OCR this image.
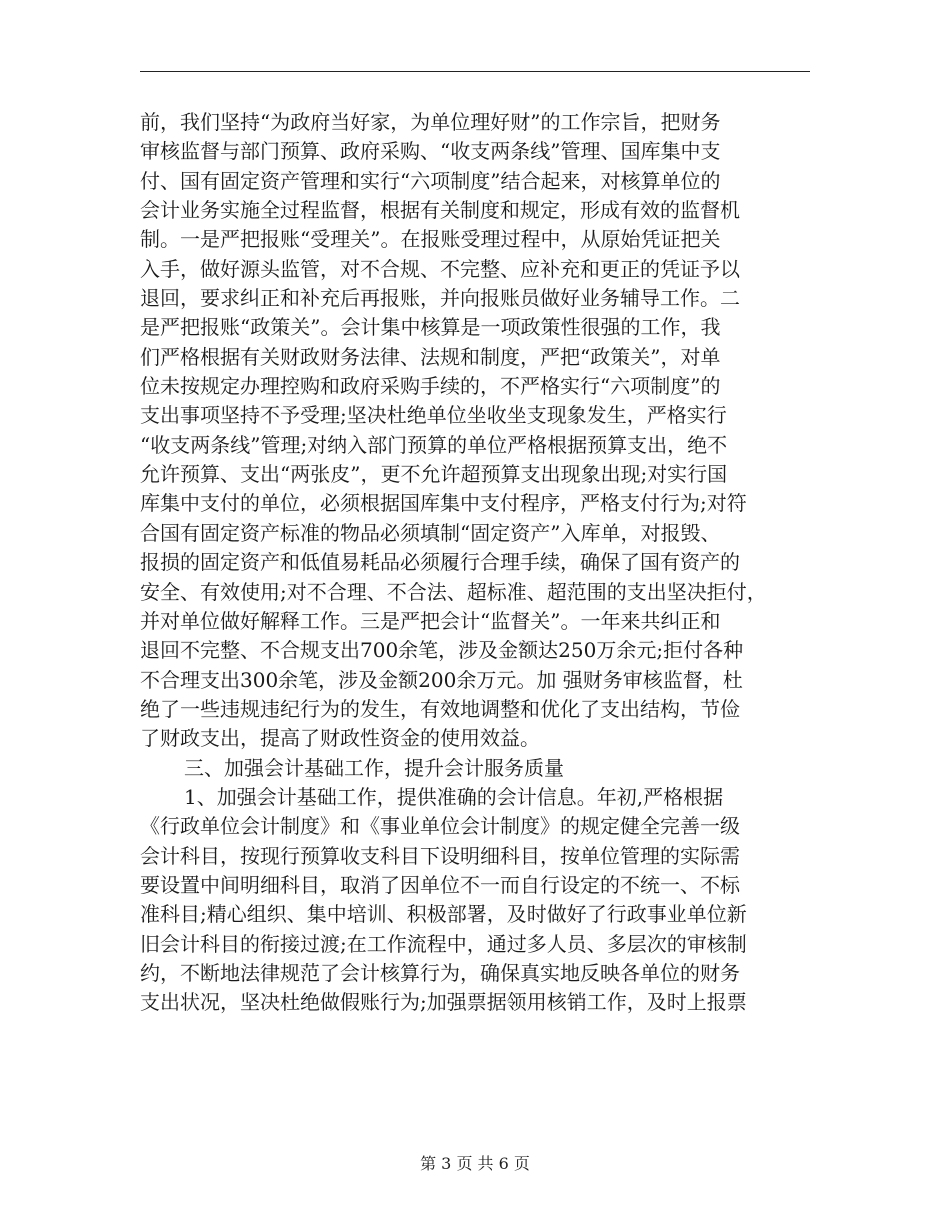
前，我们坚持“为政府当好家，为单位理好财”的工作宗旨，把财务
审核监督与部门预算、政府采购、“收支两条线”管理、国库集中支
付、国有固定资产管理和实行“六项制度”结合起来，对核算单位的
会计业务实施全过程监督，根据有关制度和规定，形成有效的监督机
制。一是严把报账“受理关”。在报账受理过程中，从原始凭证把关
入手，做好源头监管，对不合规、不完整、应补充和更正的凭证予以
退回，要求纠正和补充后再报账，并向报账员做好业务辅导工作。二
是严把报账“政策关”。会计集中核算是一项政策性很强的工作，我
们严格根据有关财政财务法律、法规和制度，严把“政策关”，对单
位未按规定办理控购和政府采购手续的，不严格实行“六项制度”的
支出事项坚持不予受理;坚决杜绝单位坐收坐支现象发生，严格实行
“收支两条线”管理;对纳入部门预算的单位严格根据预算支出，绝不
允许预算、支出“两张皮”，更不允许超预算支出现象出现;对实行国
库集中支付的单位，必须根据国库集中支付程序，严格支付行为;对符
合国有固定资产标准的物品必须填制“固定资产”入库单，对报毁、
报损的固定资产和低值易耗品必须履行合理手续，确保了国有资产的
安全、有效使用;对不合理、不合法、超标准、超范围的支出坚决拒付，
并对单位做好解释工作。三是严把会计“监督关”。一年来共纠正和
退回不完整、不合规支出700余笔，涉及金额达250万余元;拒付各种
不合理支出300余笔，涉及金额200余万元。加 强财务审核监督，杜
绝了一些违规违纪行为的发生，有效地调整和优化了支出结构，节俭
了财政支出，提高了财政性资金的使用效益。
三、加强会计基础工作，提升会计服务质量
1、加强会计基础工作，提供准确的会计信息。年初,严格根据
《行政单位会计制度》和《事业单位会计制度》的规定健全完善一级
会计科目，按现行预算收支科目下设明细科目，按单位管理的实际需
要设置中间明细科目，取消了因单位不一而自行设定的不统一、不标
准科目;精心组织、集中培训、积极部署，及时做好了行政事业单位新
旧会计科目的衔接过渡;在工作流程中，通过多人员、多层次的审核制
约，不断地法律规范了会计核算行为，确保真实地反映各单位的财务
支出状况，坚决杜绝做假账行为;加强票据领用核销工作，及时上报票
第 3 页 共 6 页
